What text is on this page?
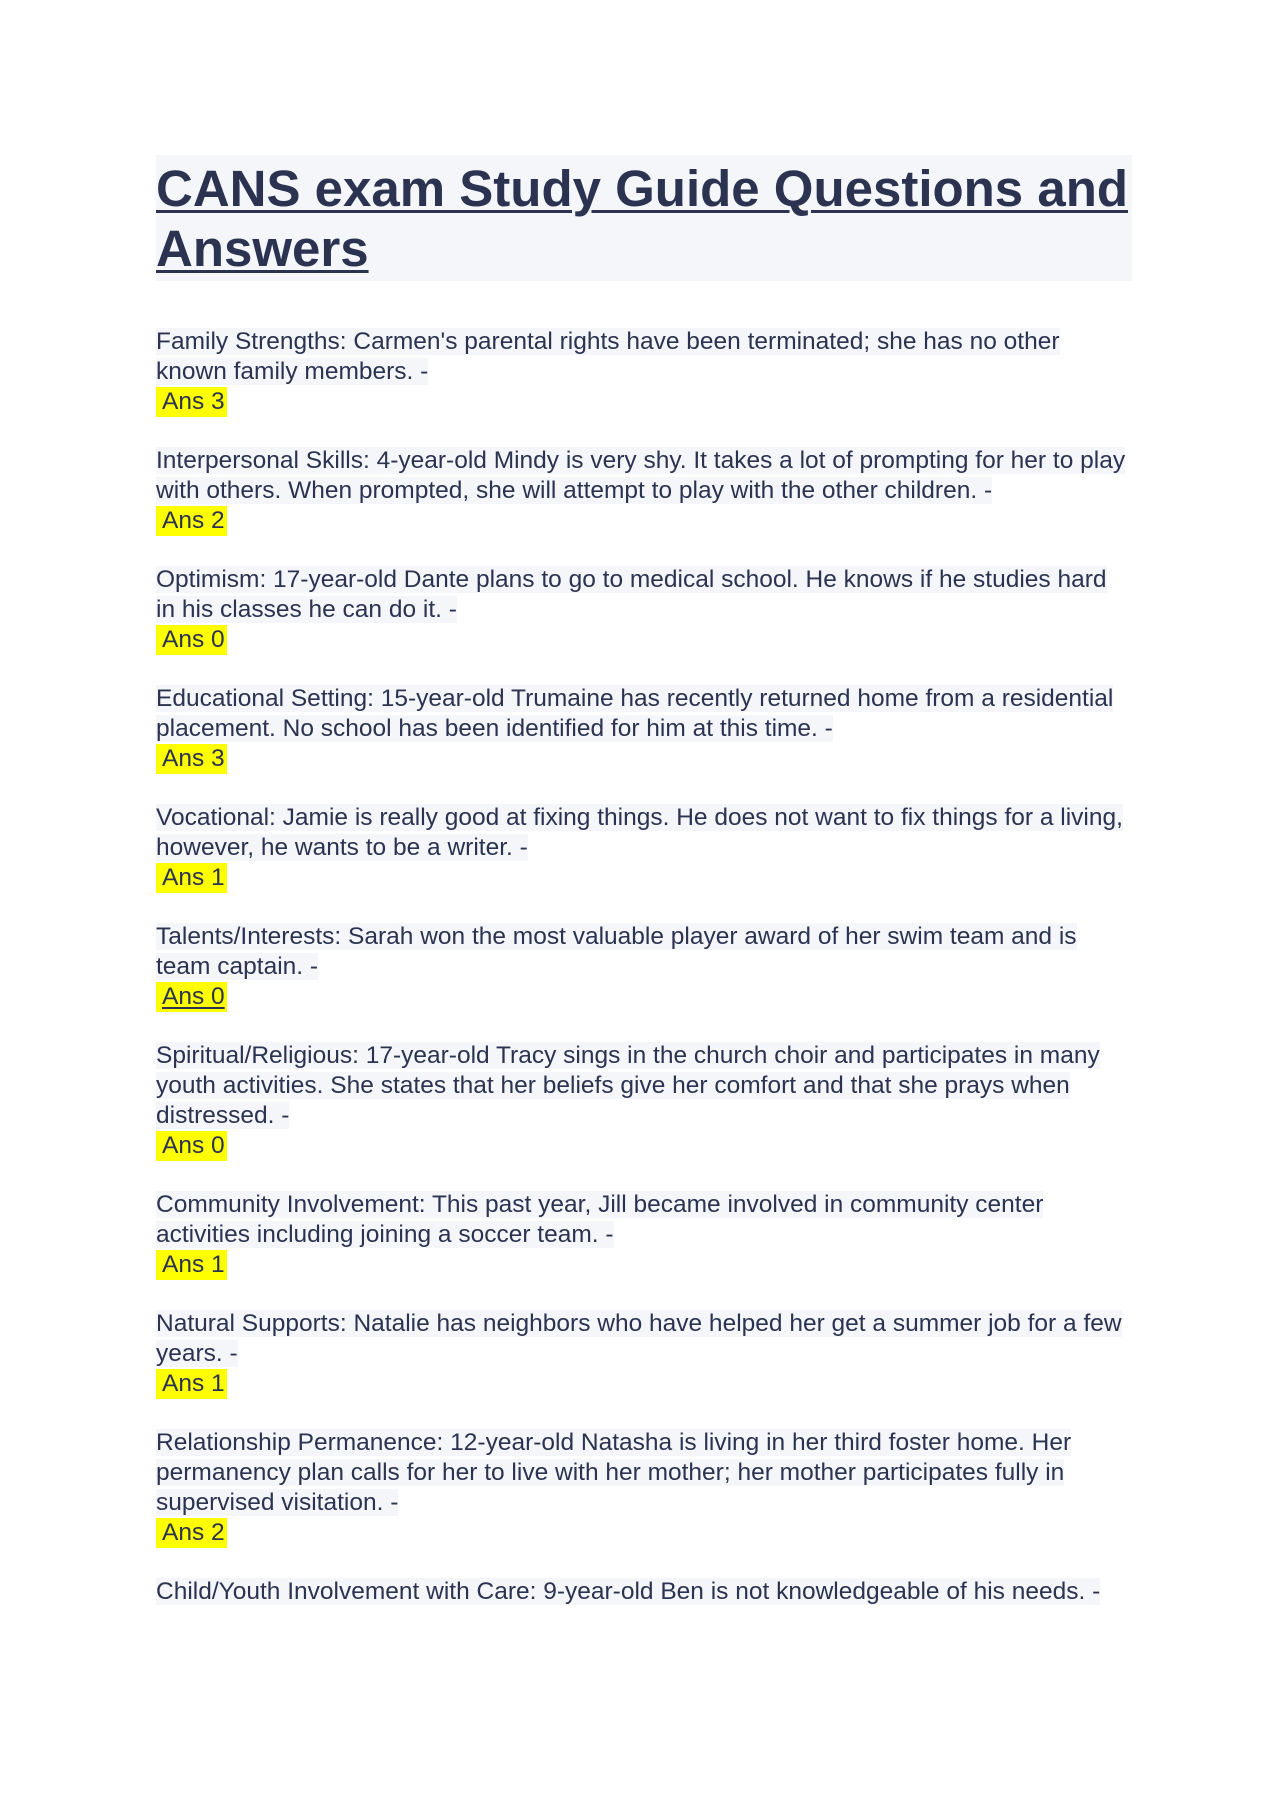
CANS exam Study Guide Questions and Answers
Family Strengths: Carmen's parental rights have been terminated; she has no other known family members. -
Ans 3
Interpersonal Skills: 4-year-old Mindy is very shy. It takes a lot of prompting for her to play with others. When prompted, she will attempt to play with the other children. -
Ans 2
Optimism: 17-year-old Dante plans to go to medical school. He knows if he studies hard in his classes he can do it. -
Ans 0
Educational Setting: 15-year-old Trumaine has recently returned home from a residential placement. No school has been identified for him at this time. -
Ans 3
Vocational: Jamie is really good at fixing things. He does not want to fix things for a living, however, he wants to be a writer. -
Ans 1
Talents/Interests: Sarah won the most valuable player award of her swim team and is team captain. -
Ans 0
Spiritual/Religious: 17-year-old Tracy sings in the church choir and participates in many youth activities. She states that her beliefs give her comfort and that she prays when distressed. -
Ans 0
Community Involvement: This past year, Jill became involved in community center activities including joining a soccer team. -
Ans 1
Natural Supports: Natalie has neighbors who have helped her get a summer job for a few years. -
Ans 1
Relationship Permanence: 12-year-old Natasha is living in her third foster home. Her permanency plan calls for her to live with her mother; her mother participates fully in supervised visitation. -
Ans 2
Child/Youth Involvement with Care: 9-year-old Ben is not knowledgeable of his needs. -
